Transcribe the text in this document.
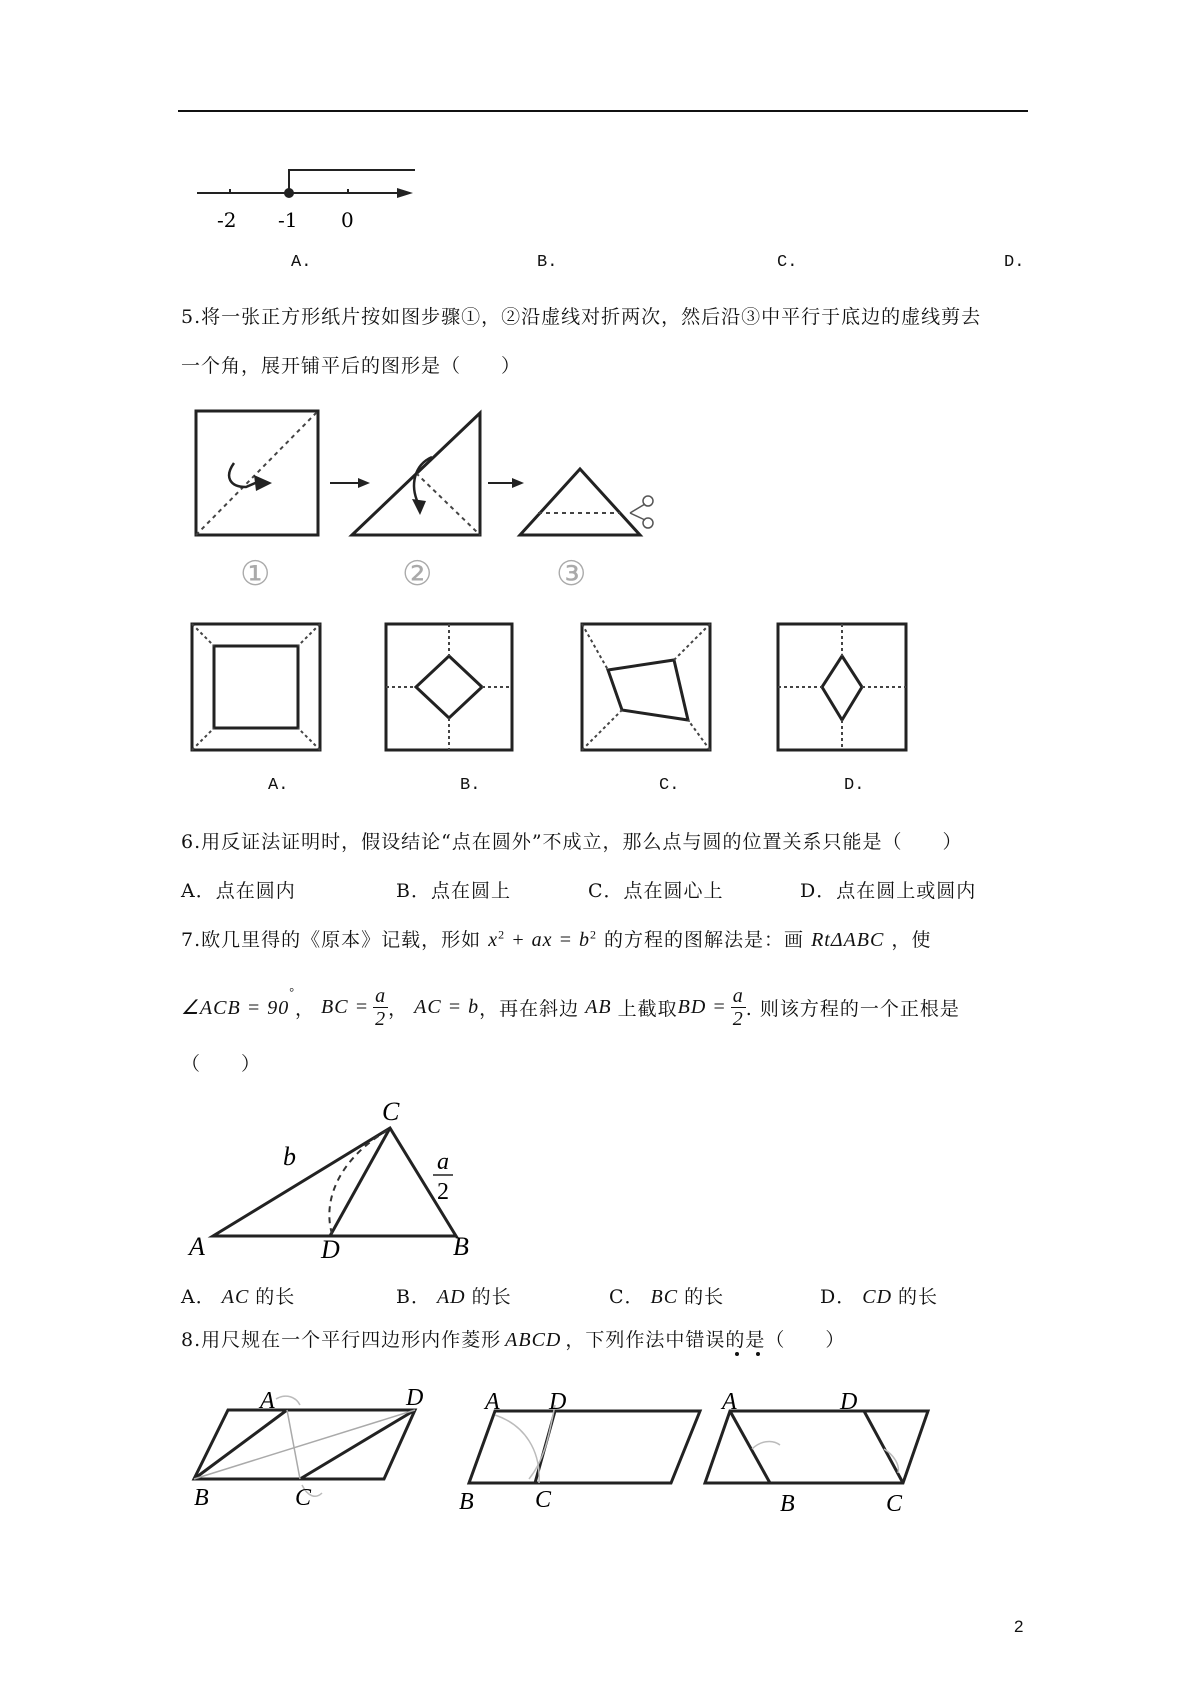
-2 -1 0
A.	B.	C.	D.
5.将一张正方形纸片按如图步骤①，②沿虚线对折两次，然后沿③中平行于底边的虚线剪去
一个角，展开铺平后的图形是（　　）
①	②	③
A.	B.	C.	D.
6.用反证法证明时，假设结论“点在圆外”不成立，那么点与圆的位置关系只能是（　　）
A．点在圆内	B．点在圆上	C．点在圆心上	D．点在圆上或圆内
7.欧几里得的《原本》记载，形如 $x^2$ + ax = $b^2$ 的方程的图解法是：画 RtΔABC ，使
∠ACB = 90
°
， BC = $\frac{a}{2}$ ， AC = b ，再在斜边 AB 上截取 BD = $\frac{a}{2}$ . 则该方程的一个正根是
（　　）
C
b	a
2
A	D	B
A． AC 的长	B． AD 的长	C． BC 的长	D． CD 的长
8.用尺规在一个平行四边形内作菱形 ABCD ，下列作法中错误的是（　　）
A	D
B	C
A D
B	C
A	D
B	C
2
